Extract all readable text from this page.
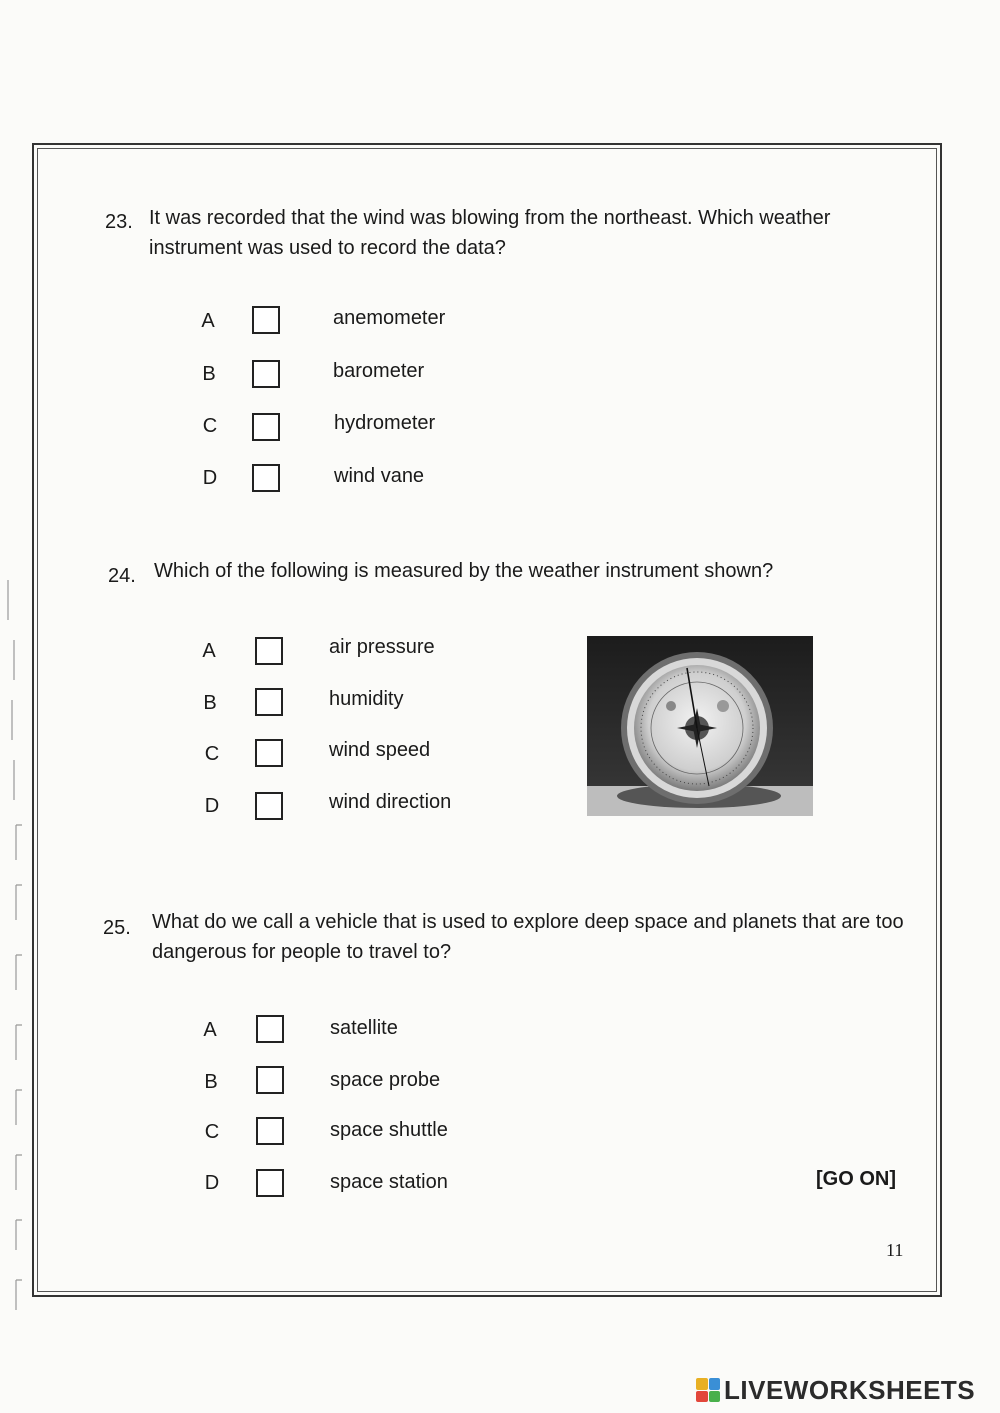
23. It was recorded that the wind was blowing from the northeast. Which weather instrument was used to record the data?
A	anemometer
B	barometer
C	hydrometer
D	wind vane
24. Which of the following is measured by the weather instrument shown?
A	air pressure
B	humidity
C	wind speed
D	wind direction
25. What do we call a vehicle that is used to explore deep space and planets that are too dangerous for people to travel to?
A	satellite
B	space probe
C	space shuttle
D	space station	[GO ON]
11
LIVEWORKSHEETS
